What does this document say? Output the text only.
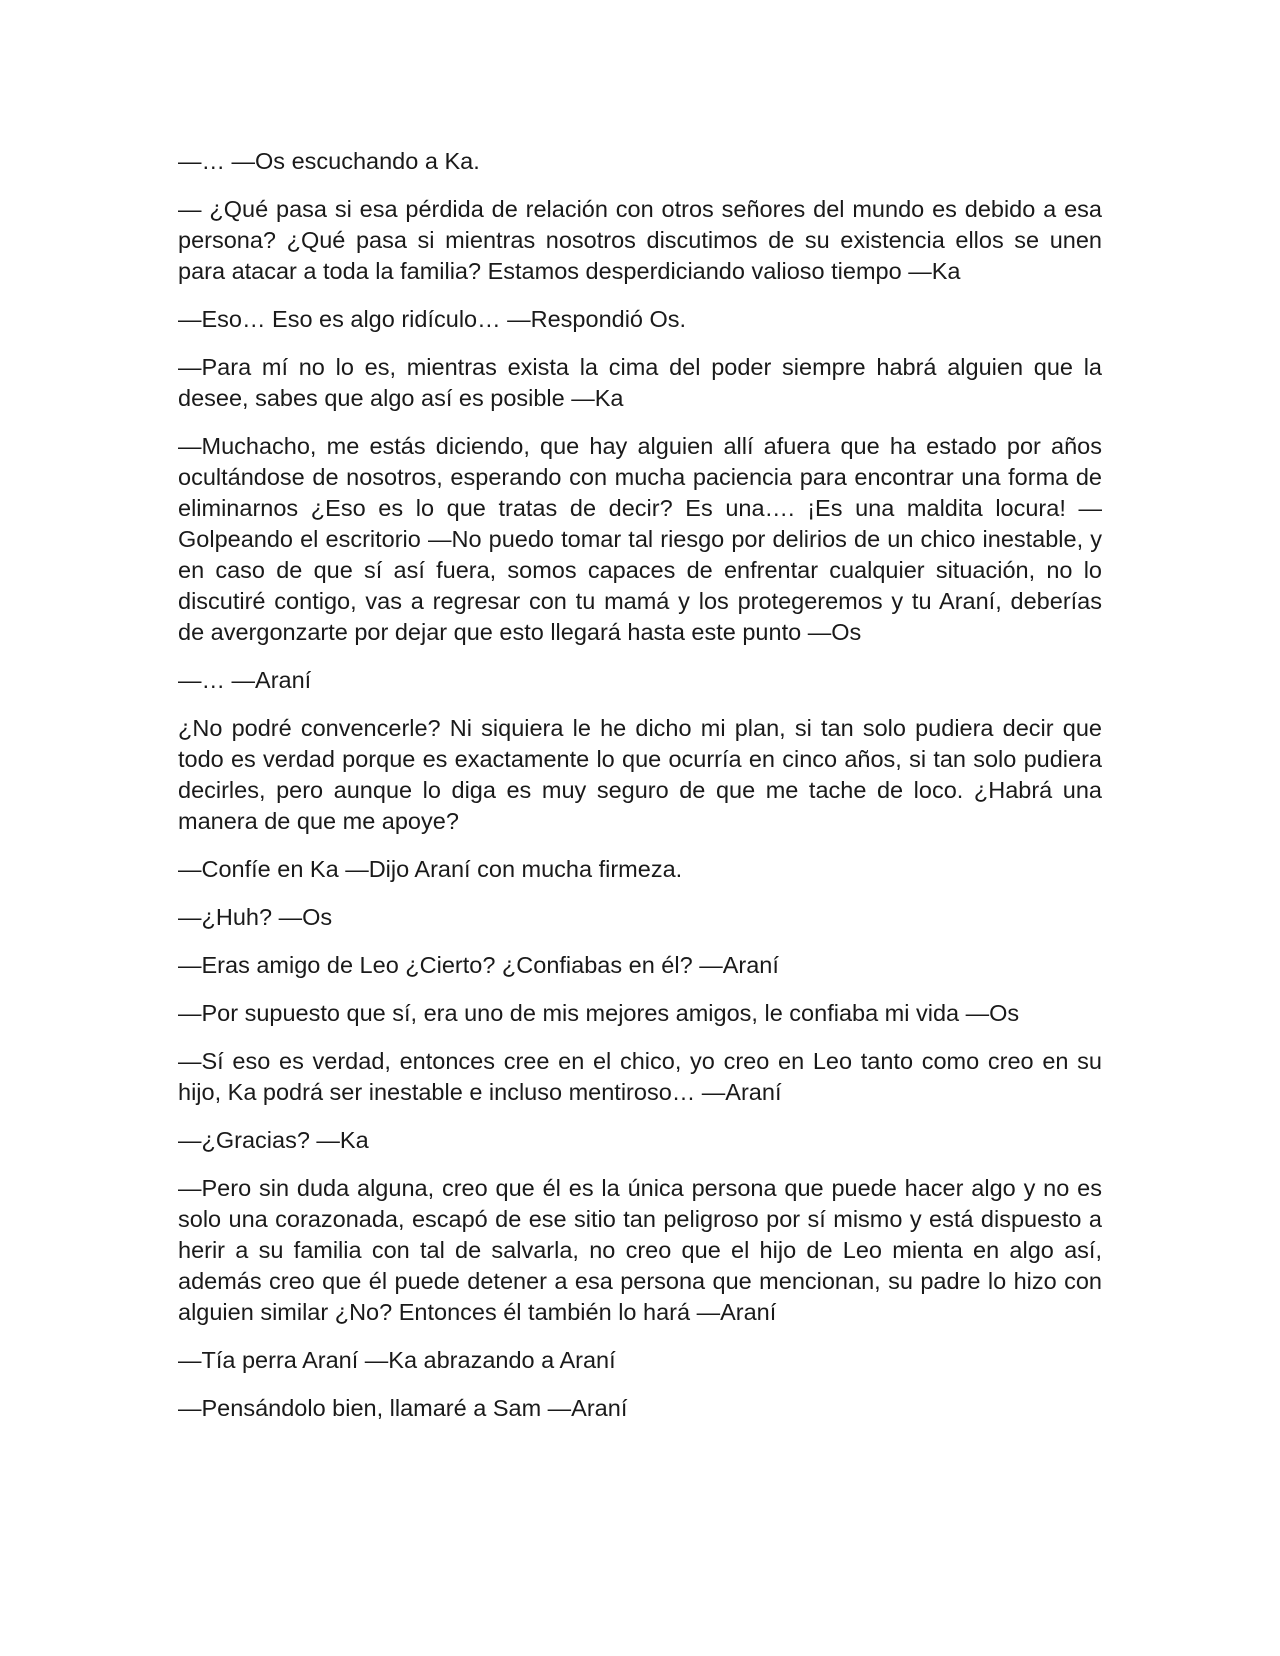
—… —Os escuchando a Ka.

— ¿Qué pasa si esa pérdida de relación con otros señores del mundo es debido a esa persona? ¿Qué pasa si mientras nosotros discutimos de su existencia ellos se unen para atacar a toda la familia? Estamos desperdiciando valioso tiempo —Ka

—Eso… Eso es algo ridículo… —Respondió Os.

—Para mí no lo es, mientras exista la cima del poder siempre habrá alguien que la desee, sabes que algo así es posible —Ka

—Muchacho, me estás diciendo, que hay alguien allí afuera que ha estado por años ocultándose de nosotros, esperando con mucha paciencia para encontrar una forma de eliminarnos ¿Eso es lo que tratas de decir? Es una…. ¡Es una maldita locura! —Golpeando el escritorio —No puedo tomar tal riesgo por delirios de un chico inestable, y en caso de que sí así fuera, somos capaces de enfrentar cualquier situación, no lo discutiré contigo, vas a regresar con tu mamá y los protegeremos y tu Araní, deberías de avergonzarte por dejar que esto llegará hasta este punto —Os

—… —Araní

¿No podré convencerle? Ni siquiera le he dicho mi plan, si tan solo pudiera decir que todo es verdad porque es exactamente lo que ocurría en cinco años, si tan solo pudiera decirles, pero aunque lo diga es muy seguro de que me tache de loco. ¿Habrá una manera de que me apoye?

—Confíe en Ka —Dijo Araní con mucha firmeza.

—¿Huh? —Os

—Eras amigo de Leo ¿Cierto? ¿Confiabas en él? —Araní

—Por supuesto que sí, era uno de mis mejores amigos, le confiaba mi vida —Os

—Sí eso es verdad, entonces cree en el chico, yo creo en Leo tanto como creo en su hijo, Ka podrá ser inestable e incluso mentiroso… —Araní

—¿Gracias? —Ka

—Pero sin duda alguna, creo que él es la única persona que puede hacer algo y no es solo una corazonada, escapó de ese sitio tan peligroso por sí mismo y está dispuesto a herir a su familia con tal de salvarla, no creo que el hijo de Leo mienta en algo así, además creo que él puede detener a esa persona que mencionan, su padre lo hizo con alguien similar ¿No? Entonces él también lo hará —Araní

—Tía perra Araní —Ka abrazando a Araní

—Pensándolo bien, llamaré a Sam —Araní
